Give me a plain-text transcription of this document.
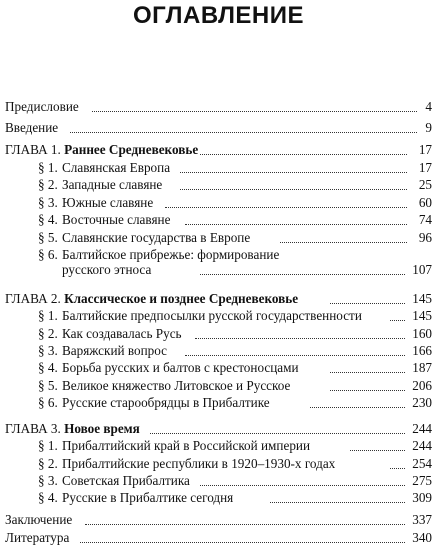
ОГЛАВЛЕНИЕ
Предисловие	4
Введение	9
ГЛАВА 1. Раннее Средневековье	17
§ 1. Славянская Европа	17
§ 2. Западные славяне	25
§ 3. Южные славяне	60
§ 4. Восточные славяне	74
§ 5. Славянские государства в Европе	96
§ 6. Балтийское прибрежье: формирование
русского этноса	107
ГЛАВА 2. Классическое и позднее Средневековье	145
§ 1. Балтийские предпосылки русской государственности	145
§ 2. Как создавалась Русь	160
§ 3. Варяжский вопрос	166
§ 4. Борьба русских и балтов с крестоносцами	187
§ 5. Великое княжество Литовское и Русское	206
§ 6. Русские старообрядцы в Прибалтике	230
ГЛАВА 3. Новое время	244
§ 1. Прибалтийский край в Российской империи	244
§ 2. Прибалтийские республики в 1920–1930-х годах	254
§ 3. Советская Прибалтика	275
§ 4. Русские в Прибалтике сегодня	309
Заключение	337
Литература	340
